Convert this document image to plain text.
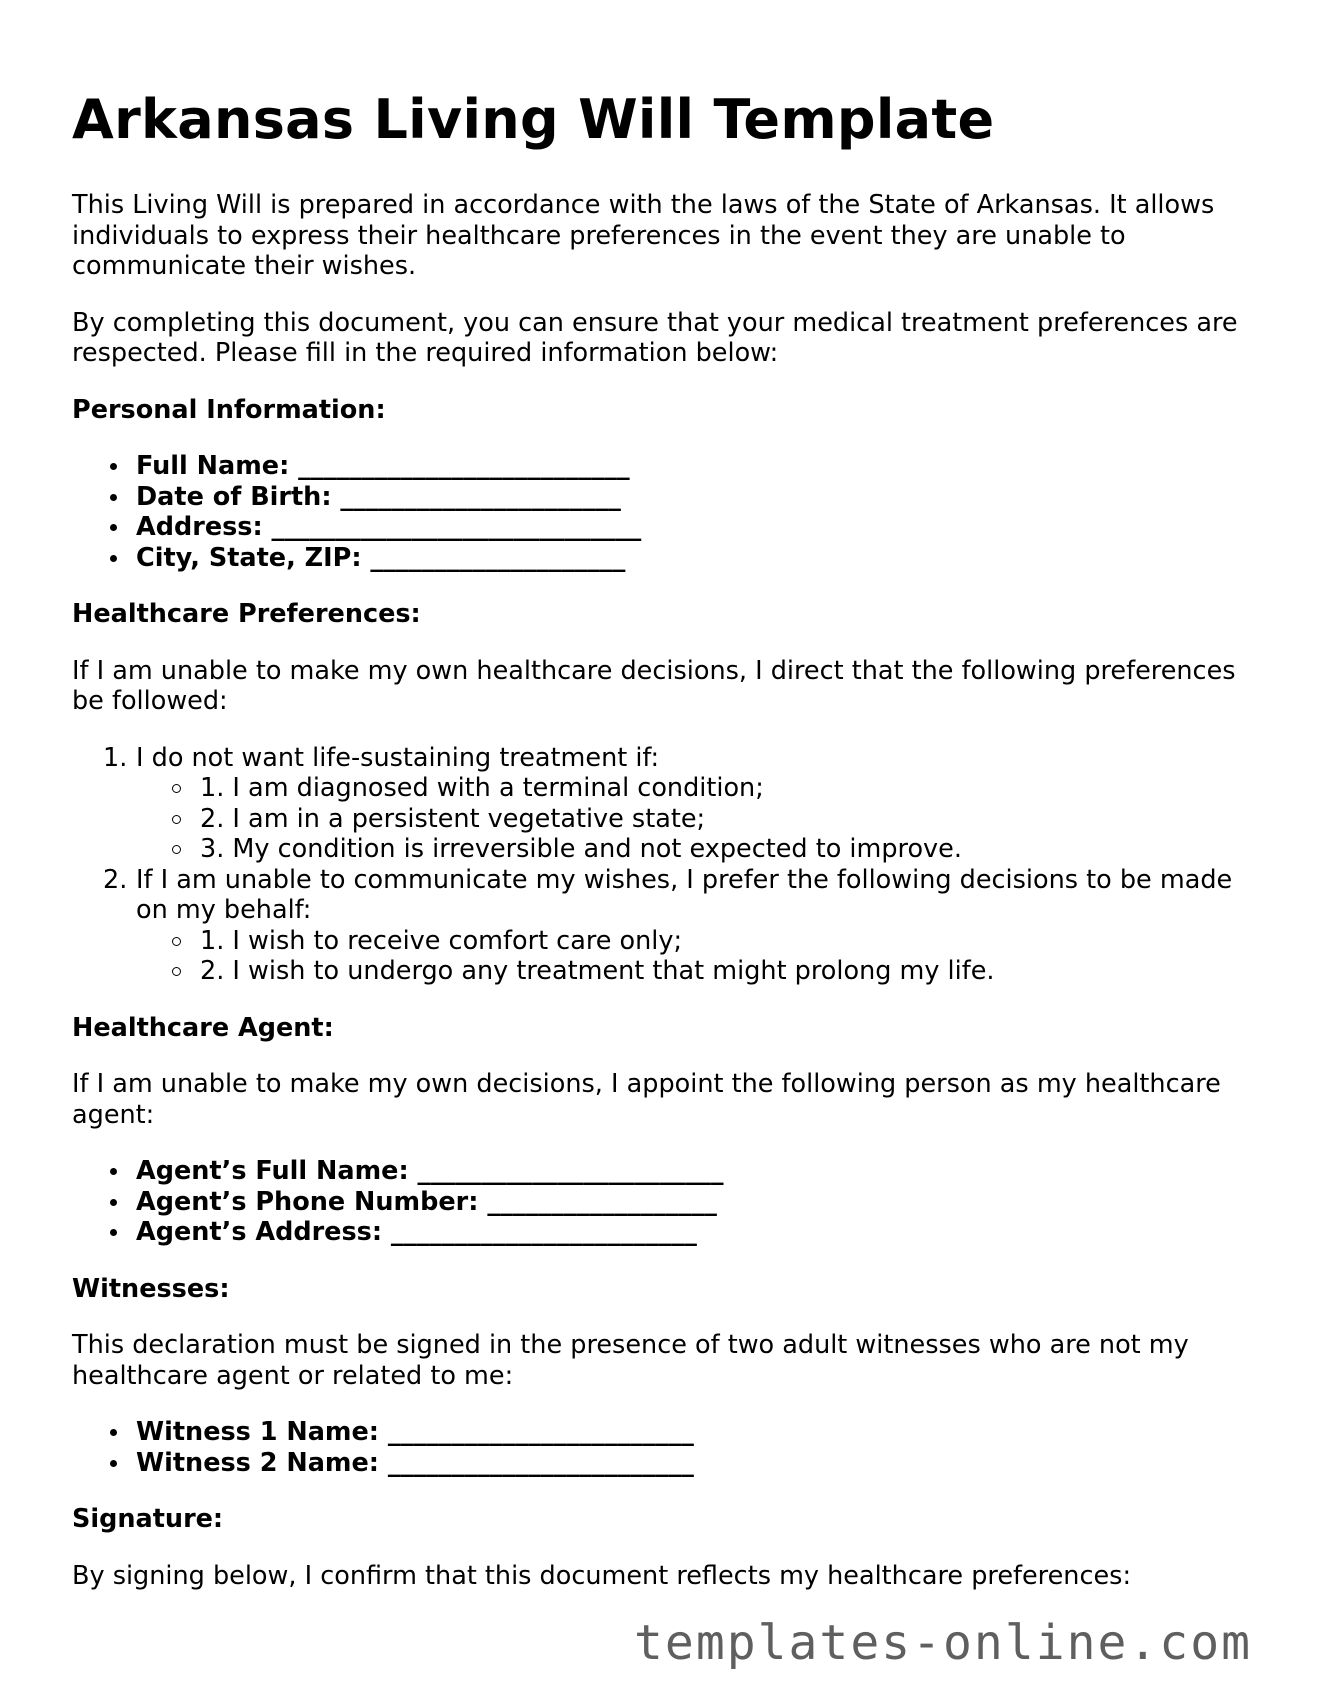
Arkansas Living Will Template

This Living Will is prepared in accordance with the laws of the State of Arkansas. It allows individuals to express their healthcare preferences in the event they are unable to communicate their wishes.

By completing this document, you can ensure that your medical treatment preferences are respected. Please fill in the required information below:

Personal Information:

Full Name: __________________________
Date of Birth: ______________________
Address: _____________________________
City, State, ZIP: ____________________

Healthcare Preferences:

If I am unable to make my own healthcare decisions, I direct that the following preferences be followed:

1. I do not want life-sustaining treatment if:
1. I am diagnosed with a terminal condition;
2. I am in a persistent vegetative state;
3. My condition is irreversible and not expected to improve.
2. If I am unable to communicate my wishes, I prefer the following decisions to be made on my behalf:
1. I wish to receive comfort care only;
2. I wish to undergo any treatment that might prolong my life.

Healthcare Agent:

If I am unable to make my own decisions, I appoint the following person as my healthcare agent:

Agent’s Full Name: ________________________
Agent’s Phone Number: __________________
Agent’s Address: ________________________

Witnesses:

This declaration must be signed in the presence of two adult witnesses who are not my healthcare agent or related to me:

Witness 1 Name: ________________________
Witness 2 Name: ________________________

Signature:

By signing below, I confirm that this document reflects my healthcare preferences:

templates-online.com
